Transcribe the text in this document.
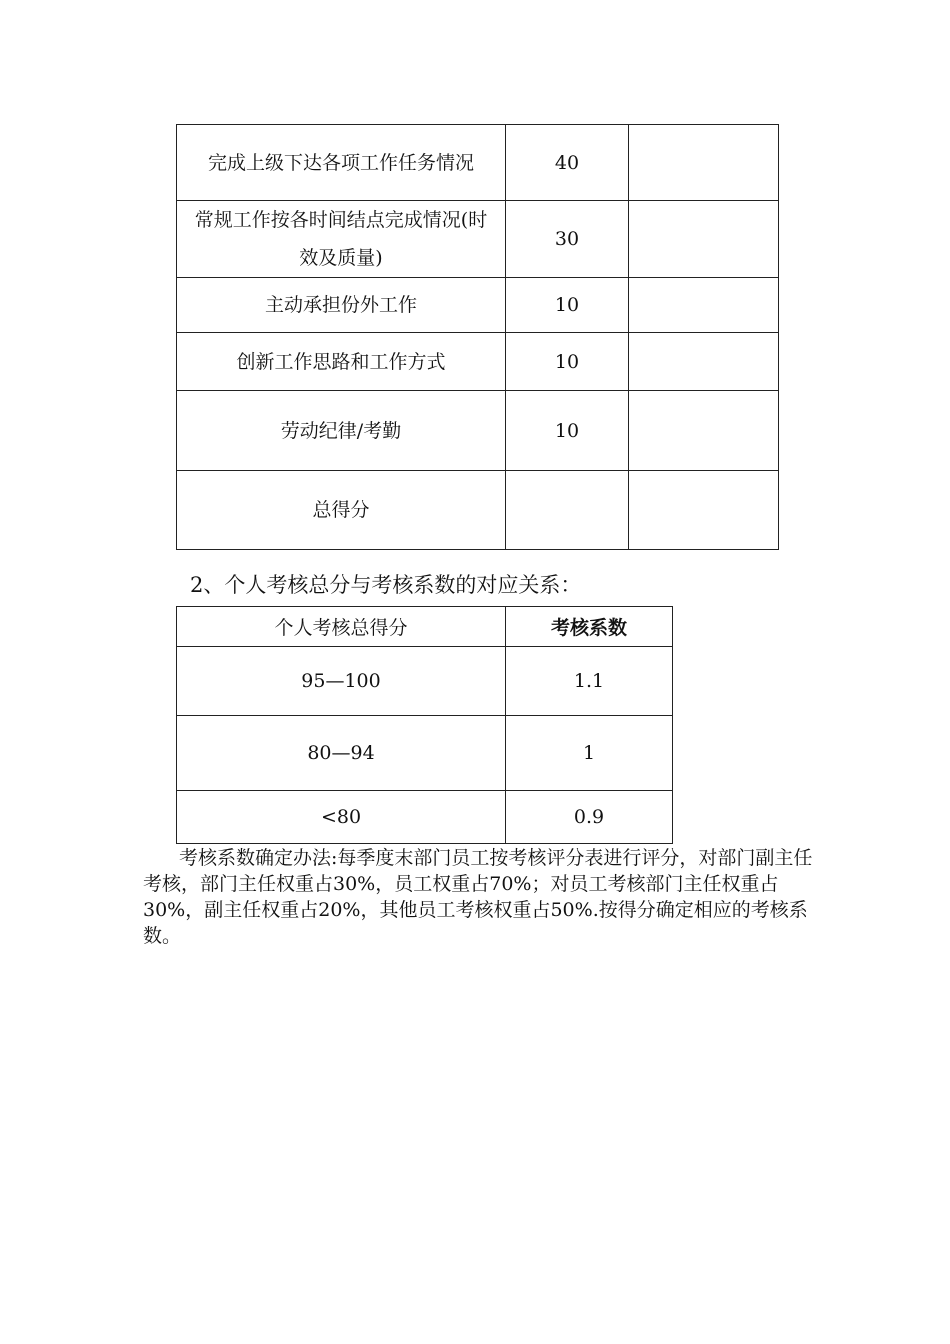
完成上级下达各项工作任务情况	40	
常规工作按各时间结点完成情况(时效及质量)	30	
主动承担份外工作	10	
创新工作思路和工作方式	10	
劳动纪律/考勤	10	
总得分		
2、个人考核总分与考核系数的对应关系：
个人考核总得分	考核系数
95—100	1.1
80—94	1
<80	0.9
考核系数确定办法:每季度末部门员工按考核评分表进行评分，对部门副主任考核，部门主任权重占30%，员工权重占70%；对员工考核部门主任权重占30%，副主任权重占20%，其他员工考核权重占50%.按得分确定相应的考核系数。
